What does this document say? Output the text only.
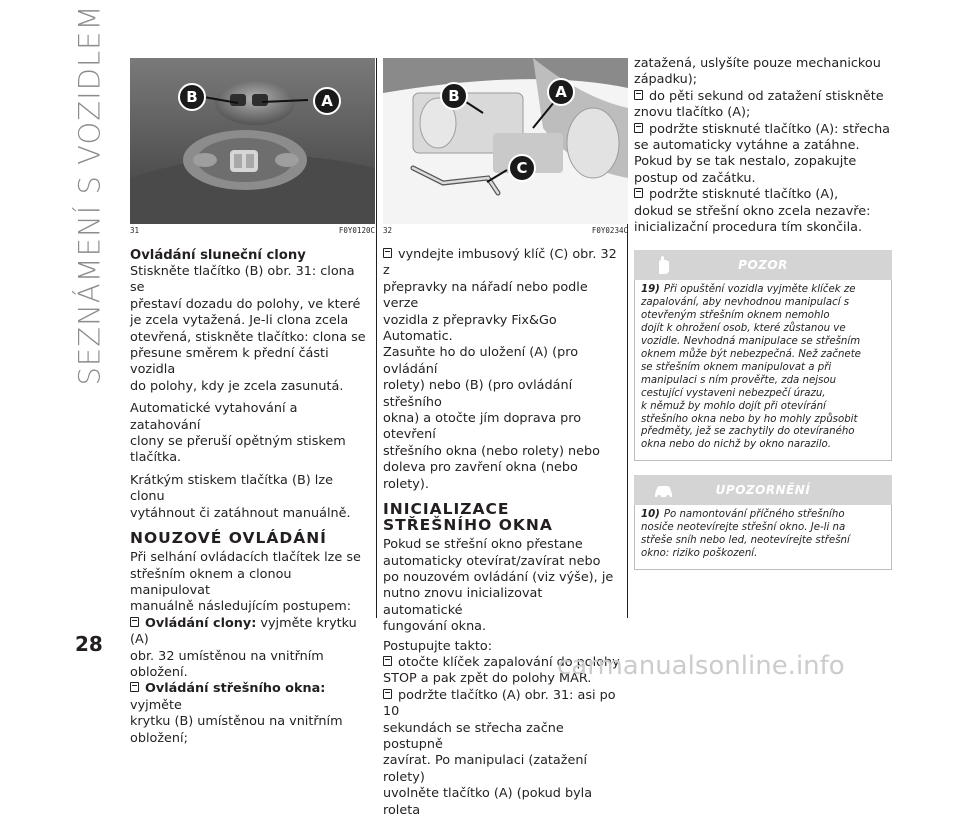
SEZNÁMENÍ S VOZIDLEM	B	A
31	F0Y0120C
Ovládání sluneční clony
Stiskněte tlačítko (B) obr. 31: clona se
přestaví dozadu do polohy, ve které
je zcela vytažená. Je-li clona zcela
otevřená, stiskněte tlačítko: clona se
přesune směrem k přední části vozidla
do polohy, kdy je zcela zasunutá.
Automatické vytahování a zatahování
clony se přeruší opětným stiskem
tlačítka.
Krátkým stiskem tlačítka (B) lze clonu
vytáhnout či zatáhnout manuálně.
NOUZOVÉ OVLÁDÁNÍ
Při selhání ovládacích tlačítek lze se
střešním oknem a clonou manipulovat
manuálně následujícím postupem:
Ovládání clony: vyjměte krytku (A)
obr. 32 umístěnou na vnitřním obložení.
Ovládání střešního okna: vyjměte
krytku (B) umístěnou na vnitřním
obložení;
B	A
C
32	F0Y0234C
vyndejte imbusový klíč (C) obr. 32 z
přepravky na nářadí nebo podle verze
vozidla z přepravky Fix&Go Automatic.
Zasuňte ho do uložení (A) (pro ovládání
rolety) nebo (B) (pro ovládání střešního
okna) a otočte jím doprava pro otevření
střešního okna (nebo rolety) nebo
doleva pro zavření okna (nebo rolety).
INICIALIZACE
STŘEŠNÍHO OKNA
Pokud se střešní okno přestane
automaticky otevírat/zavírat nebo
po nouzovém ovládání (viz výše), je
nutno znovu inicializovat automatické
fungování okna.
Postupujte takto:
otočte klíček zapalování do polohy
STOP a pak zpět do polohy MAR.
podržte tlačítko (A) obr. 31: asi po 10
sekundách se střecha začne postupně
zavírat. Po manipulaci (zatažení rolety)
uvolněte tlačítko (A) (pokud byla roleta
zatažená, uslyšíte pouze mechanickou
západku);
do pěti sekund od zatažení stiskněte
znovu tlačítko (A);
podržte stisknuté tlačítko (A): střecha
se automaticky vytáhne a zatáhne.
Pokud by se tak nestalo, zopakujte
postup od začátku.
podržte stisknuté tlačítko (A),
dokud se střešní okno zcela nezavře:
inicializační procedura tím skončila.
POZOR
19) Při opuštění vozidla vyjměte klíček ze
zapalování, aby nevhodnou manipulací s
otevřeným střešním oknem nemohlo
dojít k ohrožení osob, které zůstanou ve
vozidle. Nevhodná manipulace se střešním
oknem může být nebezpečná. Než začnete
se střešním oknem manipulovat a při
manipulaci s ním prověřte, zda nejsou
cestující vystaveni nebezpečí úrazu,
k němuž by mohlo dojít při otevírání
střešního okna nebo by ho mohly způsobit
předměty, jež se zachytily do otevíraného
okna nebo do nichž by okno narazilo.
UPOZORNĚNÍ
10) Po namontování příčného střešního
nosiče neotevírejte střešní okno. Je-li na
střeše sníh nebo led, neotevírejte střešní
okno: riziko poškození.
28
carmanualsonline.info
